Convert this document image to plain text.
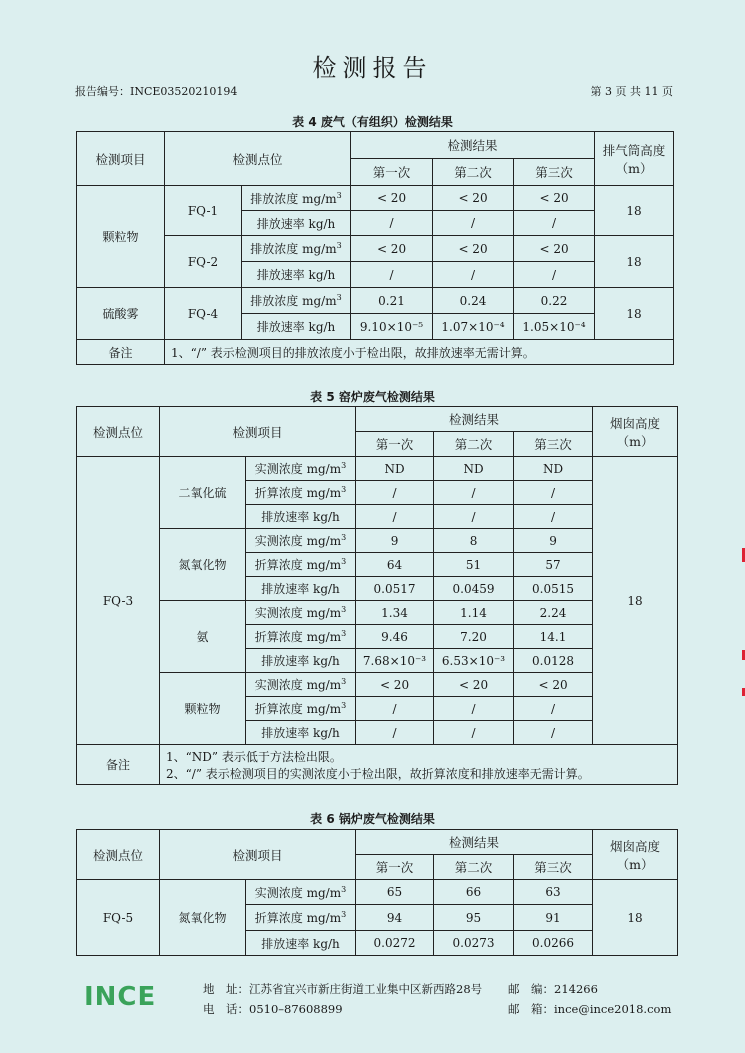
检测报告
报告编号：INCE03520210194	第 3 页 共 11 页
表 4 废气（有组织）检测结果
检测项目	检测点位		检测结果			排气筒高度
（m）
			第一次	第二次	第三次	
颗粒物	FQ-1	排放浓度 $mg/m^3$	< 20	< 20	< 20	18
		排放速率 kg/h	/	/	/	
	FQ-2	排放浓度 $mg/m^3$	< 20	< 20	< 20	18
		排放速率 kg/h	/	/	/	
硫酸雾	FQ-4	排放浓度 $mg/m^3$	0.21	0.24	0.22	18
		排放速率 kg/h	9.10×10⁻⁵	1.07×10⁻⁴	1.05×10⁻⁴	
备注	1、“/” 表示检测项目的排放浓度小于检出限，故排放速率无需计算。					
表 5 窑炉废气检测结果
检测点位	检测项目		检测结果			烟囱高度
（m）
			第一次	第二次	第三次	
FQ-3	二氧化硫	实测浓度 $mg/m^3$	ND	ND	ND	18
		折算浓度 $mg/m^3$	/	/	/	
		排放速率 kg/h	/	/	/	
	氮氧化物	实测浓度 $mg/m^3$	9	8	9	
		折算浓度 $mg/m^3$	64	51	57	
		排放速率 kg/h	0.0517	0.0459	0.0515	
	氨	实测浓度 $mg/m^3$	1.34	1.14	2.24	
		折算浓度 $mg/m^3$	9.46	7.20	14.1	
		排放速率 kg/h	7.68×10⁻³	6.53×10⁻³	0.0128	
	颗粒物	实测浓度 $mg/m^3$	< 20	< 20	< 20	
		折算浓度 $mg/m^3$	/	/	/	
		排放速率 kg/h	/	/	/	
备注	1、“ND” 表示低于方法检出限。
2、“/” 表示检测项目的实测浓度小于检出限，故折算浓度和排放速率无需计算。					
表 6 锅炉废气检测结果
检测点位	检测项目		检测结果			烟囱高度
（m）
			第一次	第二次	第三次	
FQ-5	氮氧化物	实测浓度 $mg/m^3$	65	66	63	18
		折算浓度 $mg/m^3$	94	95	91	
		排放速率 kg/h	0.0272	0.0273	0.0266	
INCE	地　址：江苏省宜兴市新庄街道工业集中区新西路28号 邮　编：214266
电　话：0510–87608899	邮　箱：ince@ince2018.com
